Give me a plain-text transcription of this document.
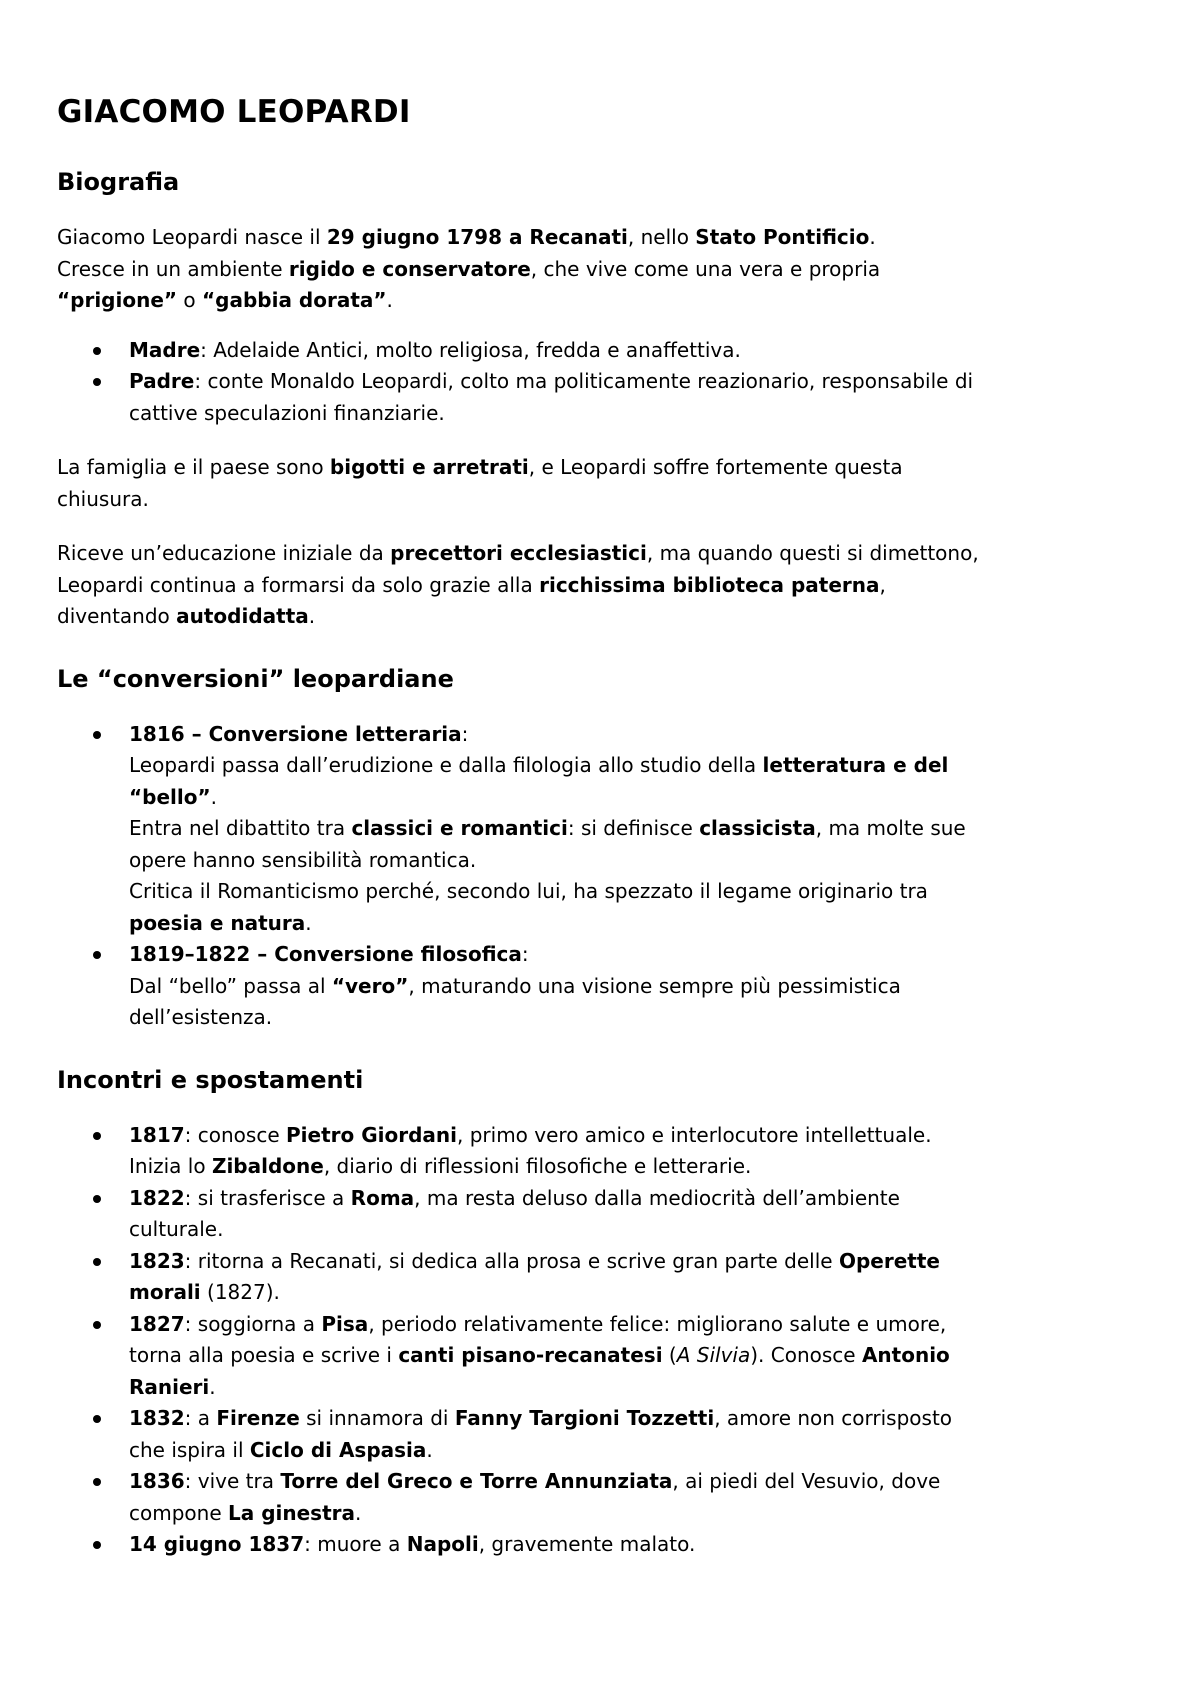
GIACOMO LEOPARDI
Biografia
Giacomo Leopardi nasce il 29 giugno 1798 a Recanati, nello Stato Pontificio.
Cresce in un ambiente rigido e conservatore, che vive come una vera e propria
“prigione” o “gabbia dorata”.
Madre: Adelaide Antici, molto religiosa, fredda e anaffettiva.
Padre: conte Monaldo Leopardi, colto ma politicamente reazionario, responsabile di
cattive speculazioni finanziarie.
La famiglia e il paese sono bigotti e arretrati, e Leopardi soffre fortemente questa
chiusura.
Riceve un’educazione iniziale da precettori ecclesiastici, ma quando questi si dimettono,
Leopardi continua a formarsi da solo grazie alla ricchissima biblioteca paterna,
diventando autodidatta.
Le “conversioni” leopardiane
1816 – Conversione letteraria:
Leopardi passa dall’erudizione e dalla filologia allo studio della letteratura e del
“bello”.
Entra nel dibattito tra classici e romantici: si definisce classicista, ma molte sue
opere hanno sensibilità romantica.
Critica il Romanticismo perché, secondo lui, ha spezzato il legame originario tra
poesia e natura.
1819–1822 – Conversione filosofica:
Dal “bello” passa al “vero”, maturando una visione sempre più pessimistica
dell’esistenza.
Incontri e spostamenti
1817: conosce Pietro Giordani, primo vero amico e interlocutore intellettuale.
Inizia lo Zibaldone, diario di riflessioni filosofiche e letterarie.
1822: si trasferisce a Roma, ma resta deluso dalla mediocrità dell’ambiente
culturale.
1823: ritorna a Recanati, si dedica alla prosa e scrive gran parte delle Operette
morali (1827).
1827: soggiorna a Pisa, periodo relativamente felice: migliorano salute e umore,
torna alla poesia e scrive i canti pisano-recanatesi (A Silvia). Conosce Antonio
Ranieri.
1832: a Firenze si innamora di Fanny Targioni Tozzetti, amore non corrisposto
che ispira il Ciclo di Aspasia.
1836: vive tra Torre del Greco e Torre Annunziata, ai piedi del Vesuvio, dove
compone La ginestra.
14 giugno 1837: muore a Napoli, gravemente malato.
